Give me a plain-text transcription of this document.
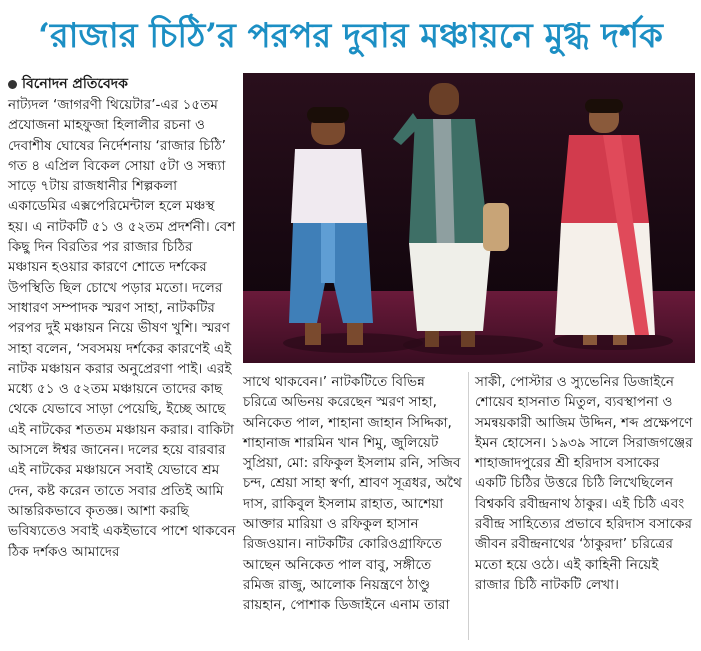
‘রাজার চিঠি’র পরপর দুবার মঞ্চায়নে মুগ্ধ দর্শক
বিনোদন প্রতিবেদক

নাট্যদল ‘জাগরণী থিয়েটার’-এর ১৫তম প্রযোজনা মাহফুজা হিলালীর রচনা ও দেবাশীষ ঘোষের নির্দেশনায় ‘রাজার চিঠি’ গত ৪ এপ্রিল বিকেল সোয়া ৫টা ও সন্ধ্যা সাড়ে ৭টায় রাজধানীর শিল্পকলা একাডেমির এক্সপেরিমেন্টাল হলে মঞ্চস্থ হয়। এ নাটকটি ৫১ ও ৫২তম প্রদর্শনী। বেশ কিছু দিন বিরতির পর রাজার চিঠির মঞ্চায়ন হওয়ার কারণে শোতে দর্শকের উপস্থিতি ছিল চোখে পড়ার মতো। দলের সাধারণ সম্পাদক স্মরণ সাহা, নাটকটির পরপর দুই মঞ্চায়ন নিয়ে ভীষণ খুশি। স্মরণ সাহা বলেন, ‘সবসময় দর্শকের কারণেই এই নাটক মঞ্চায়ন করার অনুপ্রেরণা পাই। এরই মধ্যে ৫১ ও ৫২তম মঞ্চায়নে তাদের কাছ থেকে যেভাবে সাড়া পেয়েছি, ইচ্ছে আছে এই নাটকের শততম মঞ্চায়ন করার। বাকিটা আসলে ঈশ্বর জানেন। দলের হয়ে বারবার এই নাটকের মঞ্চায়নে সবাই যেভাবে শ্রম দেন, কষ্ট করেন তাতে সবার প্রতিই আমি আন্তরিকভাবে কৃতজ্ঞ। আশা করছি ভবিষ্যতেও সবাই একইভাবে পাশে থাকবেন ঠিক দর্শকও আমাদের

সাথে থাকবেন।’ নাটকটিতে বিভিন্ন চরিত্রে অভিনয় করেছেন স্মরণ সাহা, অনিকেত পাল, শাহানা জাহান সিদ্দিকা, শাহানাজ শারমিন খান শিমু, জুলিয়েট সুপ্রিয়া, মো: রফিকুল ইসলাম রনি, সজিব চন্দ, শ্রেয়া সাহা স্বর্ণা, শ্রাবণ সূত্রধর, অথৈ দাস, রাকিবুল ইসলাম রাহাত, আশেয়া আক্তার মারিয়া ও রফিকুল হাসান রিজওয়ান। নাটকটির কোরিওগ্রাফিতে আছেন অনিকেত পাল বাবু, সঙ্গীতে রমিজ রাজু, আলোক নিয়ন্ত্রণে ঠাণ্ডু রায়হান, পোশাক ডিজাইনে এনাম তারা

সাকী, পোস্টার ও স্যুভেনির ডিজাইনে শোয়েব হাসনাত মিতুল, ব্যবস্থাপনা ও সমন্বয়কারী আজিম উদ্দিন, শব্দ প্রক্ষেপণে ইমন হোসেন। ১৯৩৯ সালে সিরাজগঞ্জের শাহাজাদপুরের শ্রী হরিদাস বসাকের একটি চিঠির উত্তরে চিঠি লিখেছিলেন বিশ্বকবি রবীন্দ্রনাথ ঠাকুর। এই চিঠি এবং রবীন্দ্র সাহিত্যের প্রভাবে হরিদাস বসাকের জীবন রবীন্দ্রনাথের ‘ঠাকুরদা’ চরিত্রের মতো হয়ে ওঠে। এই কাহিনী নিয়েই রাজার চিঠি নাটকটি লেখা।
